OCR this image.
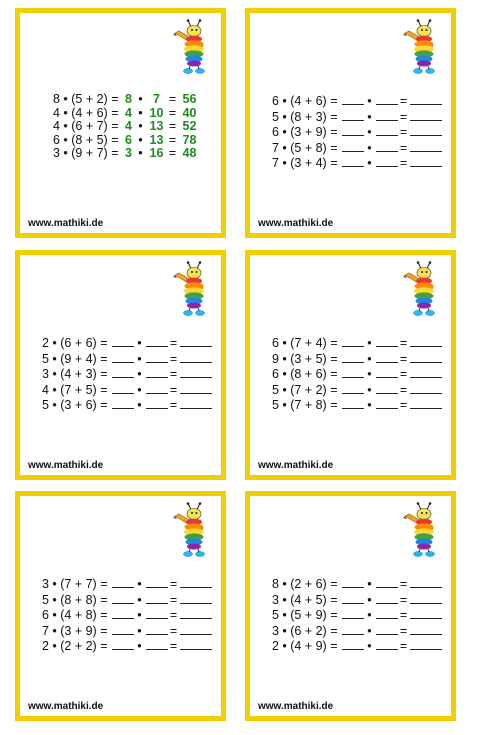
8 • (5 + 2) = 8 • 7 = 56
4 • (4 + 6) = 4 • 10 = 40
4 • (6 + 7) = 4 • 13 = 52
6 • (8 + 5) = 6 • 13 = 78
3 • (9 + 7) = 3 • 16 = 48
www.mathiki.de
6 • (4 + 6) = • =
5 • (8 + 3) = • =
6 • (3 + 9) = • =
7 • (5 + 8) = • =
7 • (3 + 4) = • =
www.mathiki.de
2 • (6 + 6) = • =
5 • (9 + 4) = • =
3 • (4 + 3) = • =
4 • (7 + 5) = • =
5 • (3 + 6) = • =
www.mathiki.de
6 • (7 + 4) = • =
9 • (3 + 5) = • =
6 • (8 + 6) = • =
5 • (7 + 2) = • =
5 • (7 + 8) = • =
www.mathiki.de
3 • (7 + 7) = • =
5 • (8 + 8) = • =
6 • (4 + 8) = • =
7 • (3 + 9) = • =
2 • (2 + 2) = • =
www.mathiki.de
8 • (2 + 6) = • =
3 • (4 + 5) = • =
5 • (5 + 9) = • =
3 • (6 + 2) = • =
2 • (4 + 9) = • =
www.mathiki.de
